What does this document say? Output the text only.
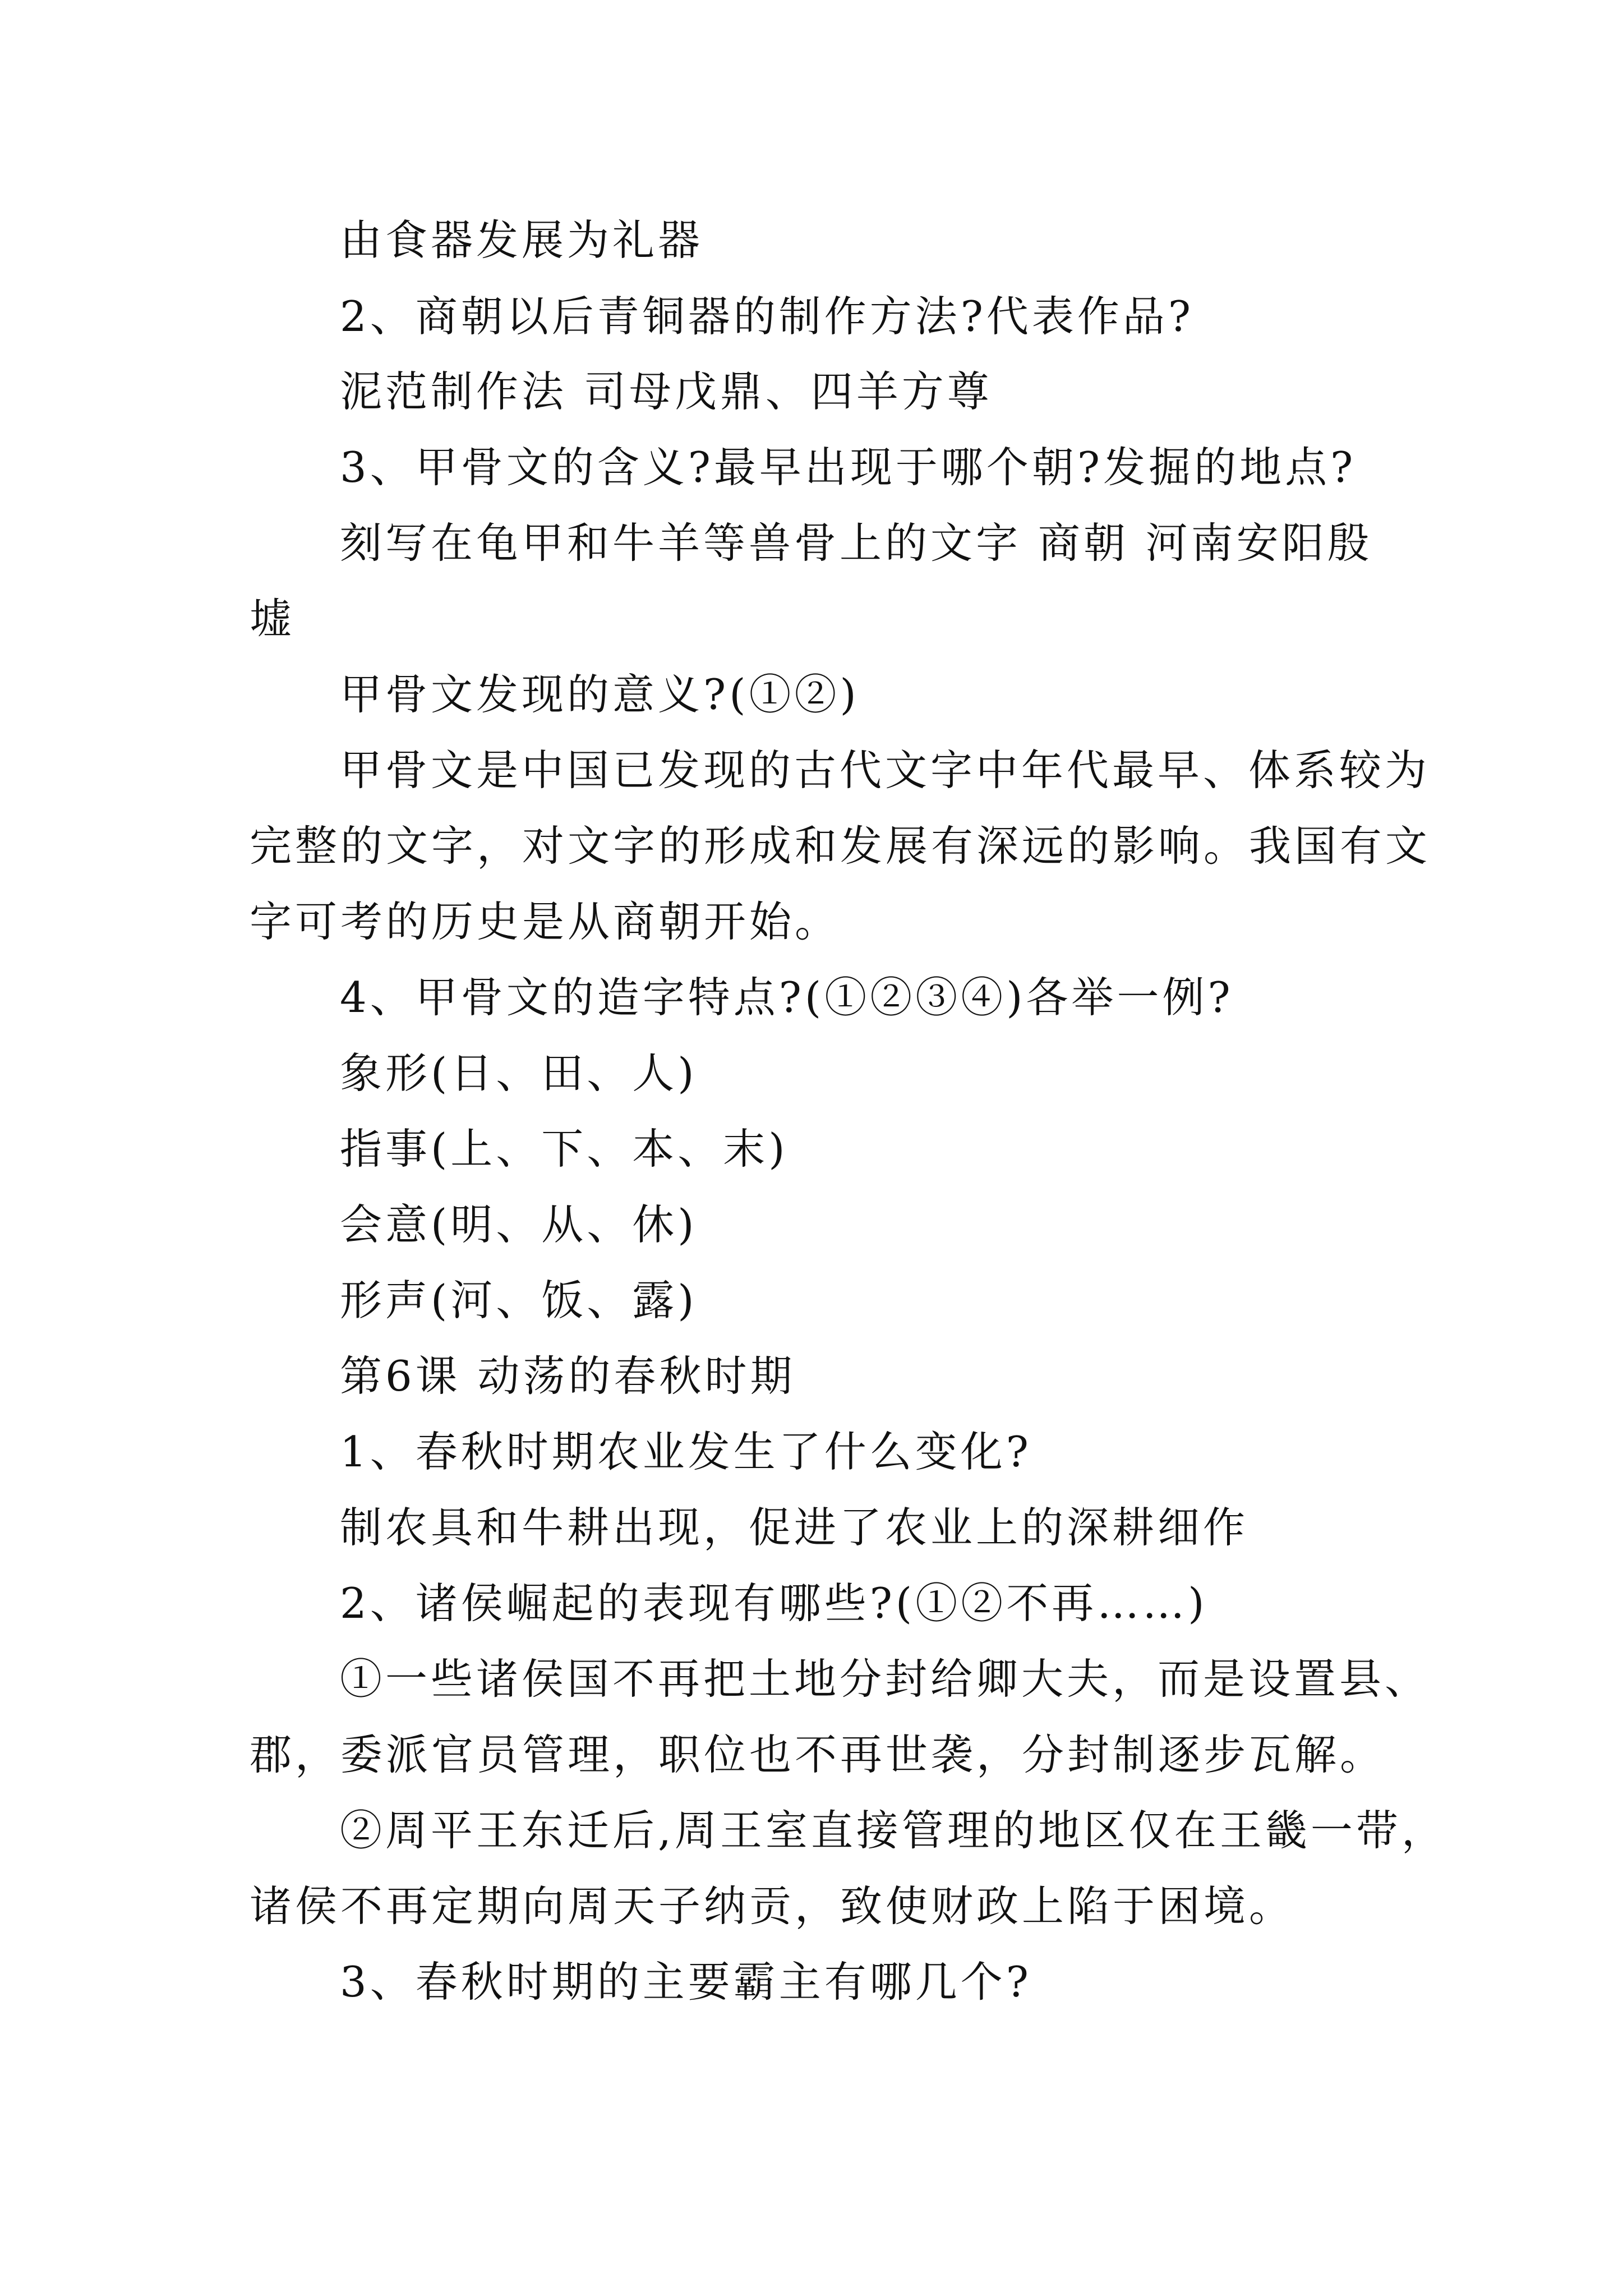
由食器发展为礼器
2、商朝以后青铜器的制作方法?代表作品?
泥范制作法 司母戊鼎、四羊方尊
3、甲骨文的含义?最早出现于哪个朝?发掘的地点?
刻写在龟甲和牛羊等兽骨上的文字 商朝 河南安阳殷
墟
甲骨文发现的意义?(①②)
甲骨文是中国已发现的古代文字中年代最早、体系较为
完整的文字，对文字的形成和发展有深远的影响。我国有文
字可考的历史是从商朝开始。
4、甲骨文的造字特点?(①②③④)各举一例?
象形(日、田、人)
指事(上、下、本、末)
会意(明、从、休)
形声(河、饭、露)
第6课 动荡的春秋时期
1、春秋时期农业发生了什么变化?
制农具和牛耕出现，促进了农业上的深耕细作
2、诸侯崛起的表现有哪些?(①②不再……)
①一些诸侯国不再把土地分封给卿大夫，而是设置县、
郡，委派官员管理，职位也不再世袭，分封制逐步瓦解。
②周平王东迁后,周王室直接管理的地区仅在王畿一带，
诸侯不再定期向周天子纳贡，致使财政上陷于困境。
3、春秋时期的主要霸主有哪几个?
